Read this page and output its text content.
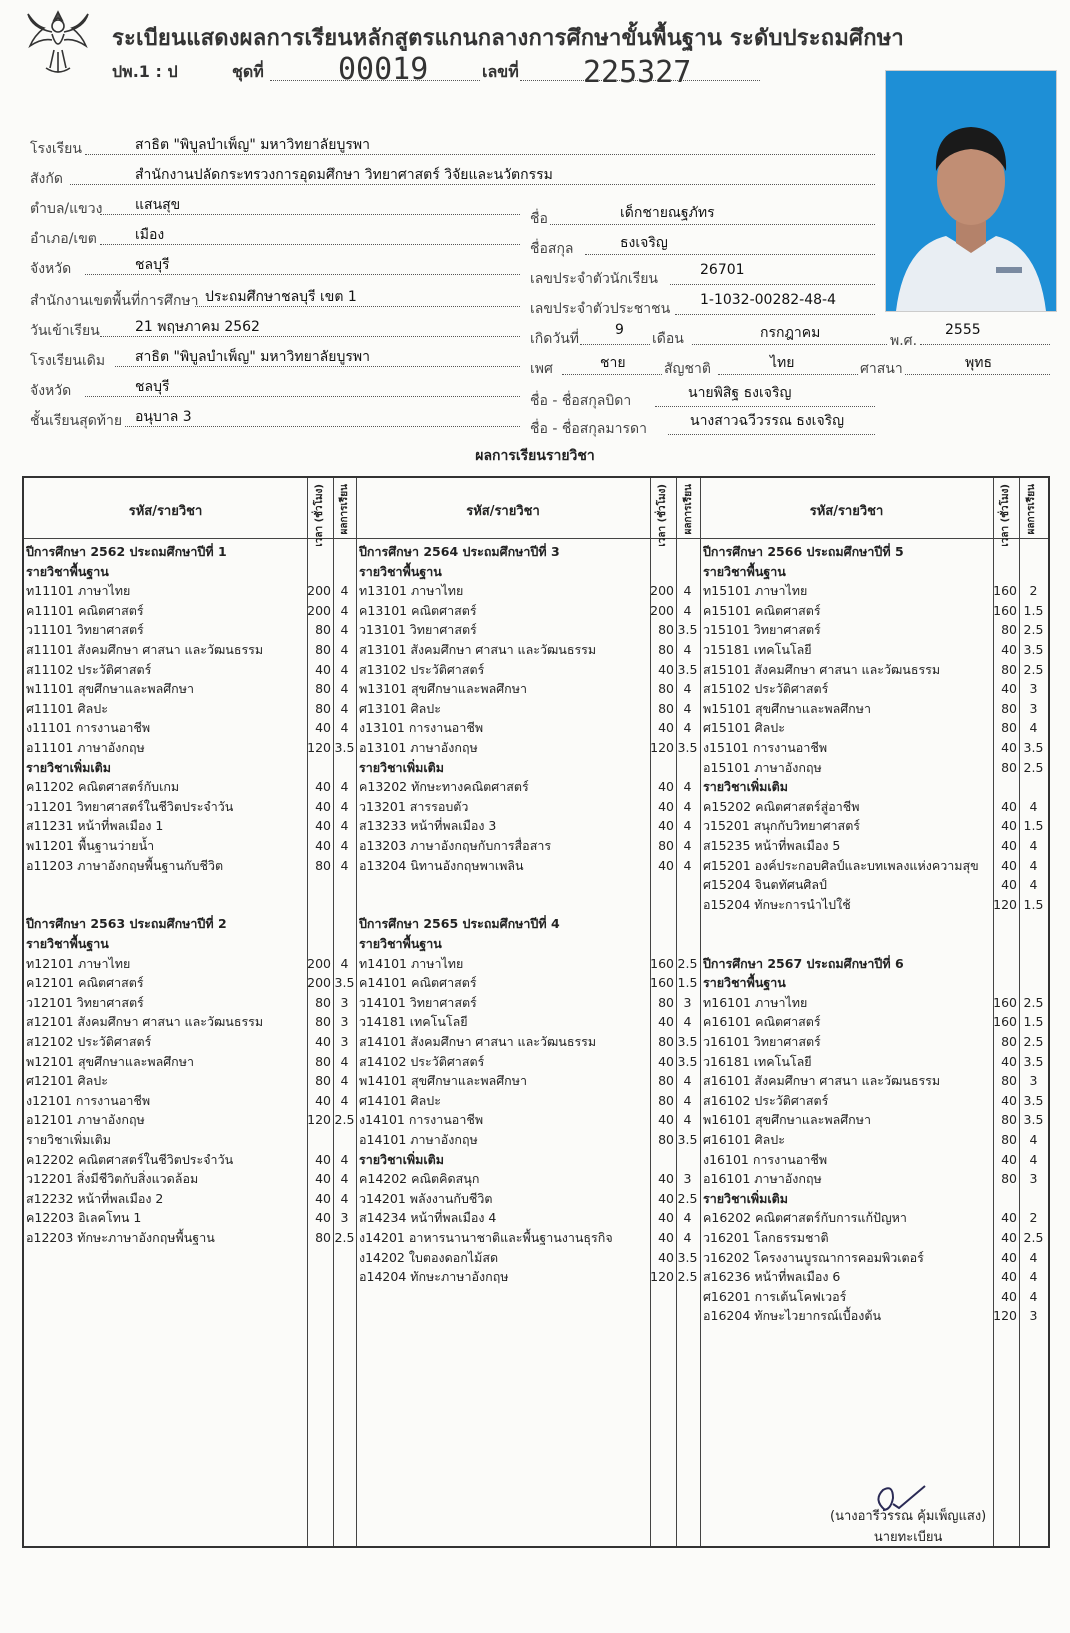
ระเบียนแสดงผลการเรียนหลักสูตรแกนกลางการศึกษาขั้นพื้นฐาน ระดับประถมศึกษา
ปพ.1 : ป	ชุดที่ 00019	เลขที่ 225327
โรงเรียน	สาธิต "พิบูลบำเพ็ญ" มหาวิทยาลัยบูรพา
สังกัด	สำนักงานปลัดกระทรวงการอุดมศึกษา วิทยาศาสตร์ วิจัยและนวัตกรรม
ตำบล/แขวง แสนสุข
อำเภอ/เขต	เมือง
จังหวัด	ชลบุรี
สำนักงานเขตพื้นที่การศึกษา ประถมศึกษาชลบุรี เขต 1
วันเข้าเรียน	21 พฤษภาคม 2562
โรงเรียนเดิม สาธิต "พิบูลบำเพ็ญ" มหาวิทยาลัยบูรพา
จังหวัด	ชลบุรี
ชั้นเรียนสุดท้าย อนุบาล 3
ชื่อ	เด็กชายณฐภัทร
ชื่อสกุล	ธงเจริญ
เลขประจำตัวนักเรียน
26701
เลขประจำตัวประชาชน
1-1032-00282-48-4
เกิดวันที่
9
เดือน	กรกฎาคม	พ.ศ.
2555
เพศ	ชาย	สัญชาติ	ไทย	ศาสนา	พุทธ
ชื่อ - ชื่อสกุลบิดา	นายพิสิฐ ธงเจริญ
ชื่อ - ชื่อสกุลมารดา	นางสาวฉวีวรรณ ธงเจริญ
ผลการเรียนรายวิชา
รหัส/รายวิชา	รหัส/รายวิชา	รหัส/รายวิชา
เวลา (ชั่วโมง) ผลการเรียน	เวลา (ชั่วโมง) ผลการเรียน	เวลา (ชั่วโมง) ผลการเรียน
ปีการศึกษา 2562 ประถมศึกษาปีที่ 1
รายวิชาพื้นฐาน
ท11101 ภาษาไทย	200 4
ค11101 คณิตศาสตร์	200 4
ว11101 วิทยาศาสตร์	80 4
ส11101 สังคมศึกษา ศาสนา และวัฒนธรรม	80 4
ส11102 ประวัติศาสตร์	40 4
พ11101 สุขศึกษาและพลศึกษา	80 4
ศ11101 ศิลปะ	80 4
ง11101 การงานอาชีพ	40 4
อ11101 ภาษาอังกฤษ	120 3.5
รายวิชาเพิ่มเติม
ค11202 คณิตศาสตร์กับเกม	40 4
ว11201 วิทยาศาสตร์ในชีวิตประจำวัน	40 4
ส11231 หน้าที่พลเมือง 1	40 4
พ11201 พื้นฐานว่ายน้ำ	40 4
อ11203 ภาษาอังกฤษพื้นฐานกับชีวิต	80 4
ปีการศึกษา 2563 ประถมศึกษาปีที่ 2
รายวิชาพื้นฐาน
ท12101 ภาษาไทย	200 4
ค12101 คณิตศาสตร์	200 3.5
ว12101 วิทยาศาสตร์	80 3
ส12101 สังคมศึกษา ศาสนา และวัฒนธรรม	80 3
ส12102 ประวัติศาสตร์	40 3
พ12101 สุขศึกษาและพลศึกษา	80 4
ศ12101 ศิลปะ	80 4
ง12101 การงานอาชีพ	40 4
อ12101 ภาษาอังกฤษ	120 2.5
รายวิชาเพิ่มเติม
ค12202 คณิตศาสตร์ในชีวิตประจำวัน	40 4
ว12201 สิ่งมีชีวิตกับสิ่งแวดล้อม	40 4
ส12232 หน้าที่พลเมือง 2	40 4
ค12203 อิเลคโทน 1	40 3
อ12203 ทักษะภาษาอังกฤษพื้นฐาน	80 2.5
ปีการศึกษา 2564 ประถมศึกษาปีที่ 3
รายวิชาพื้นฐาน
ท13101 ภาษาไทย	200 4
ค13101 คณิตศาสตร์	200 4
ว13101 วิทยาศาสตร์	80 3.5
ส13101 สังคมศึกษา ศาสนา และวัฒนธรรม	80 4
ส13102 ประวัติศาสตร์	40 3.5
พ13101 สุขศึกษาและพลศึกษา	80 4
ศ13101 ศิลปะ	80 4
ง13101 การงานอาชีพ	40 4
อ13101 ภาษาอังกฤษ	120 3.5
รายวิชาเพิ่มเติม
ค13202 ทักษะทางคณิตศาสตร์	40 4
ว13201 สารรอบตัว	40 4
ส13233 หน้าที่พลเมือง 3	40 4
อ13203 ภาษาอังกฤษกับการสื่อสาร	80 4
อ13204 นิทานอังกฤษพาเพลิน	40 4
ปีการศึกษา 2565 ประถมศึกษาปีที่ 4
รายวิชาพื้นฐาน
ท14101 ภาษาไทย	160 2.5
ค14101 คณิตศาสตร์	160 1.5
ว14101 วิทยาศาสตร์	80 3
ว14181 เทคโนโลยี	40 4
ส14101 สังคมศึกษา ศาสนา และวัฒนธรรม	80 3.5
ส14102 ประวัติศาสตร์	40 3.5
พ14101 สุขศึกษาและพลศึกษา	80 4
ศ14101 ศิลปะ	80 4
ง14101 การงานอาชีพ	40 4
อ14101 ภาษาอังกฤษ	80 3.5
รายวิชาเพิ่มเติม
ค14202 คณิตคิดสนุก	40 3
ว14201 พลังงานกับชีวิต	40 2.5
ส14234 หน้าที่พลเมือง 4	40 4
ง14201 อาหารนานาชาติและพื้นฐานงานธุรกิจ	40 4
ง14202 ใบตองดอกไม้สด	40 3.5
อ14204 ทักษะภาษาอังกฤษ	120 2.5
ปีการศึกษา 2566 ประถมศึกษาปีที่ 5
รายวิชาพื้นฐาน
ท15101 ภาษาไทย	160	2
ค15101 คณิตศาสตร์	160 1.5
ว15101 วิทยาศาสตร์	80 2.5
ว15181 เทคโนโลยี	40 3.5
ส15101 สังคมศึกษา ศาสนา และวัฒนธรรม	80 2.5
ส15102 ประวัติศาสตร์	40	3
พ15101 สุขศึกษาและพลศึกษา	80	3
ศ15101 ศิลปะ	80	4
ง15101 การงานอาชีพ	40 3.5
อ15101 ภาษาอังกฤษ	80 2.5
รายวิชาเพิ่มเติม
ค15202 คณิตศาสตร์สู่อาชีพ	40	4
ว15201 สนุกกับวิทยาศาสตร์	40 1.5
ส15235 หน้าที่พลเมือง 5	40	4
ศ15201 องค์ประกอบศิลป์และบทเพลงแห่งความสุข	40	4
ศ15204 จินตทัศนศิลป์	40	4
อ15204 ทักษะการนำไปใช้	120 1.5
ปีการศึกษา 2567 ประถมศึกษาปีที่ 6
รายวิชาพื้นฐาน
ท16101 ภาษาไทย	160 2.5
ค16101 คณิตศาสตร์	160 1.5
ว16101 วิทยาศาสตร์	80 2.5
ว16181 เทคโนโลยี	40 3.5
ส16101 สังคมศึกษา ศาสนา และวัฒนธรรม	80	3
ส16102 ประวัติศาสตร์	40 3.5
พ16101 สุขศึกษาและพลศึกษา	80 3.5
ศ16101 ศิลปะ	80	4
ง16101 การงานอาชีพ	40	4
อ16101 ภาษาอังกฤษ	80	3
รายวิชาเพิ่มเติม
ค16202 คณิตศาสตร์กับการแก้ปัญหา	40	2
ว16201 โลกธรรมชาติ	40 2.5
ว16202 โครงงานบูรณาการคอมพิวเตอร์	40	4
ส16236 หน้าที่พลเมือง 6	40	4
ศ16201 การเต้นโคฟเวอร์	40	4
อ16204 ทักษะไวยากรณ์เบื้องต้น	120	3
(นางอารีวรรณ คุ้มเพ็ญแสง)
นายทะเบียน
